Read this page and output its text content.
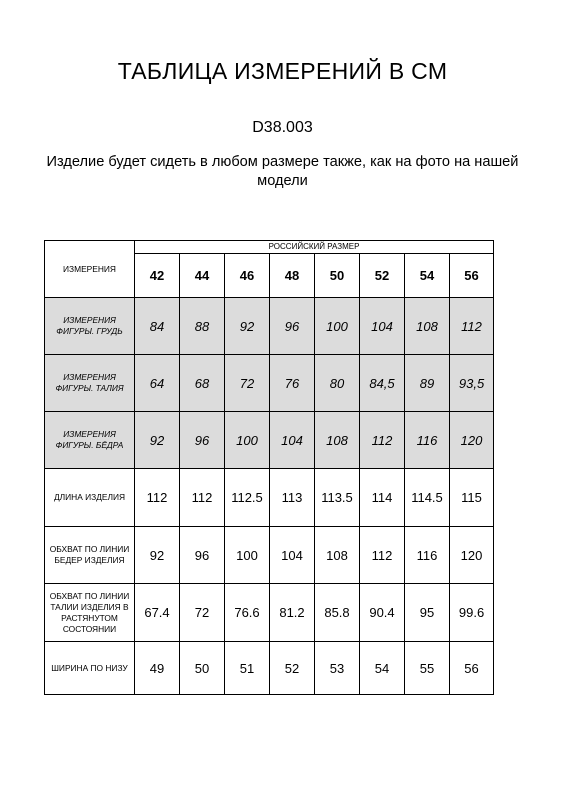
ТАБЛИЦА ИЗМЕРЕНИЙ В СМ
D38.003
Изделие будет сидеть в любом размере также, как на фото на нашей модели
ИЗМЕРЕНИЯ	РОССИЙСКИЙ РАЗМЕР							
	42	44	46	48	50	52	54	56
ИЗМЕРЕНИЯ ФИГУРЫ. ГРУДЬ	84	88	92	96	100	104	108	112
ИЗМЕРЕНИЯ ФИГУРЫ. ТАЛИЯ	64	68	72	76	80	84,5	89	93,5
ИЗМЕРЕНИЯ ФИГУРЫ. БЁДРА	92	96	100	104	108	112	116	120
ДЛИНА ИЗДЕЛИЯ	112	112	112.5	113	113.5	114	114.5	115
ОБХВАТ ПО ЛИНИИ БЕДЕР ИЗДЕЛИЯ	92	96	100	104	108	112	116	120
ОБХВАТ ПО ЛИНИИ ТАЛИИ ИЗДЕЛИЯ В РАСТЯНУТОМ СОСТОЯНИИ	67.4	72	76.6	81.2	85.8	90.4	95	99.6
ШИРИНА ПО НИЗУ	49	50	51	52	53	54	55	56
